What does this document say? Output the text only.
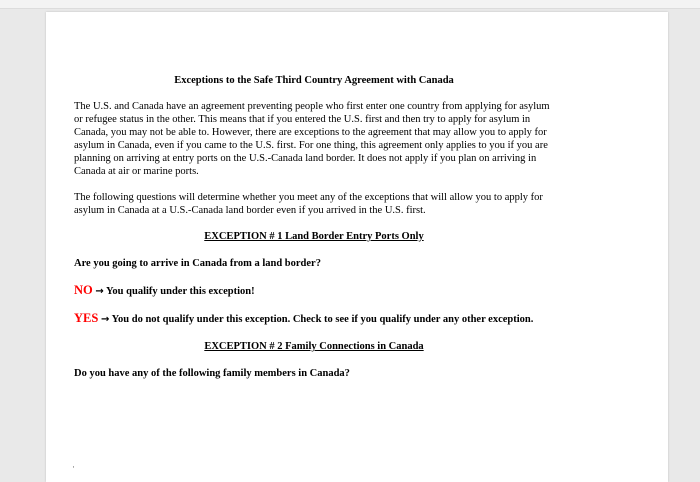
Exceptions to the Safe Third Country Agreement with Canada

The U.S. and Canada have an agreement preventing people who first enter one country from applying for asylum or refugee status in the other. This means that if you entered the U.S. first and then try to apply for asylum in Canada, you may not be able to. However, there are exceptions to the agreement that may allow you to apply for asylum in Canada, even if you came to the U.S. first. For one thing, this agreement only applies to you if you are planning on arriving at entry ports on the U.S.-Canada land border. It does not apply if you plan on arriving in Canada at air or marine ports.

The following questions will determine whether you meet any of the exceptions that will allow you to apply for asylum in Canada at a U.S.-Canada land border even if you arrived in the U.S. first.

EXCEPTION # 1 Land Border Entry Ports Only
Are you going to arrive in Canada from a land border?
NO → You qualify under this exception!
YES → You do not qualify under this exception. Check to see if you qualify under any other exception.
EXCEPTION # 2 Family Connections in Canada
Do you have any of the following family members in Canada?
·
